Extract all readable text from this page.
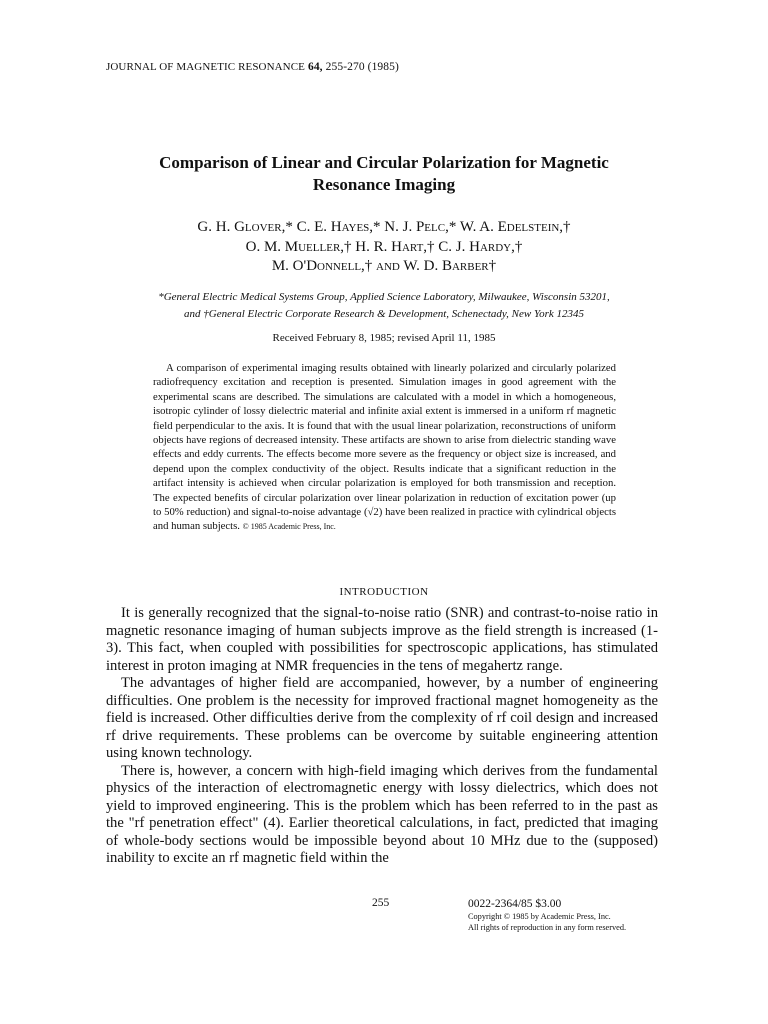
JOURNAL OF MAGNETIC RESONANCE 64, 255-270 (1985)
Comparison of Linear and Circular Polarization for Magnetic
Resonance Imaging
G. H. Glover,* C. E. Hayes,* N. J. Pelc,* W. A. Edelstein,†
O. M. Mueller,† H. R. Hart,† C. J. Hardy,†
M. O'Donnell,† and W. D. Barber†
*General Electric Medical Systems Group, Applied Science Laboratory, Milwaukee, Wisconsin 53201,
and †General Electric Corporate Research & Development, Schenectady, New York 12345
Received February 8, 1985; revised April 11, 1985

A comparison of experimental imaging results obtained with linearly polarized and circularly polarized radiofrequency excitation and reception is presented. Simulation images in good agreement with the experimental scans are described. The simulations are calculated with a model in which a homogeneous, isotropic cylinder of lossy dielectric material and infinite axial extent is immersed in a uniform rf magnetic field perpendicular to the axis. It is found that with the usual linear polarization, reconstructions of uniform objects have regions of decreased intensity. These artifacts are shown to arise from dielectric standing wave effects and eddy currents. The effects become more severe as the frequency or object size is increased, and depend upon the complex conductivity of the object. Results indicate that a significant reduction in the artifact intensity is achieved when circular polarization is employed for both transmission and reception. The expected benefits of circular polarization over linear polarization in reduction of excitation power (up to 50% reduction) and signal-to-noise advantage (√2) have been realized in practice with cylindrical objects and human subjects. © 1985 Academic Press, Inc.

INTRODUCTION

It is generally recognized that the signal-to-noise ratio (SNR) and contrast-to-noise ratio in magnetic resonance imaging of human subjects improve as the field strength is increased (1-3). This fact, when coupled with possibilities for spectroscopic applications, has stimulated interest in proton imaging at NMR frequencies in the tens of megahertz range.

The advantages of higher field are accompanied, however, by a number of engineering difficulties. One problem is the necessity for improved fractional magnet homogeneity as the field is increased. Other difficulties derive from the complexity of rf coil design and increased rf drive requirements. These problems can be overcome by suitable engineering attention using known technology.

There is, however, a concern with high-field imaging which derives from the fundamental physics of the interaction of electromagnetic energy with lossy dielectrics, which does not yield to improved engineering. This is the problem which has been referred to in the past as the "rf penetration effect" (4). Earlier theoretical calculations, in fact, predicted that imaging of whole-body sections would be impossible beyond about 10 MHz due to the (supposed) inability to excite an rf magnetic field within the

255	0022-2364/85 $3.00
Copyright © 1985 by Academic Press, Inc.
All rights of reproduction in any form reserved.
